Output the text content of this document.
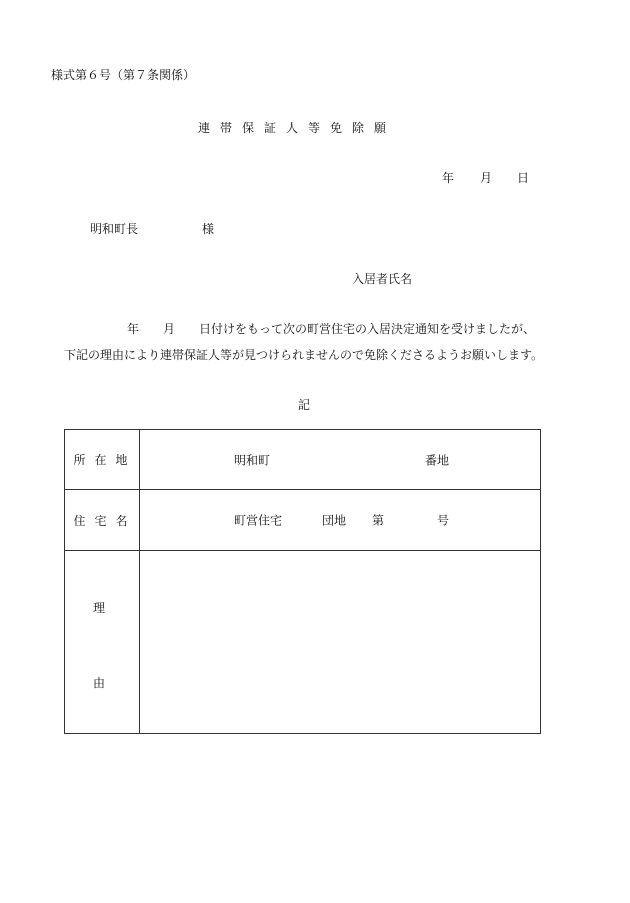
様式第６号（第７条関係）
連帯保証人等免除願
年 月 日
明和町長	様
入居者氏名
年　　月　　日付けをもって次の町営住宅の入居決定通知を受けましたが、
下記の理由により連帯保証人等が見つけられませんので免除くださるようお願いします。
記
所在地	明和町 番地

住宅名	町営住宅 団地 第 号

理
由	
